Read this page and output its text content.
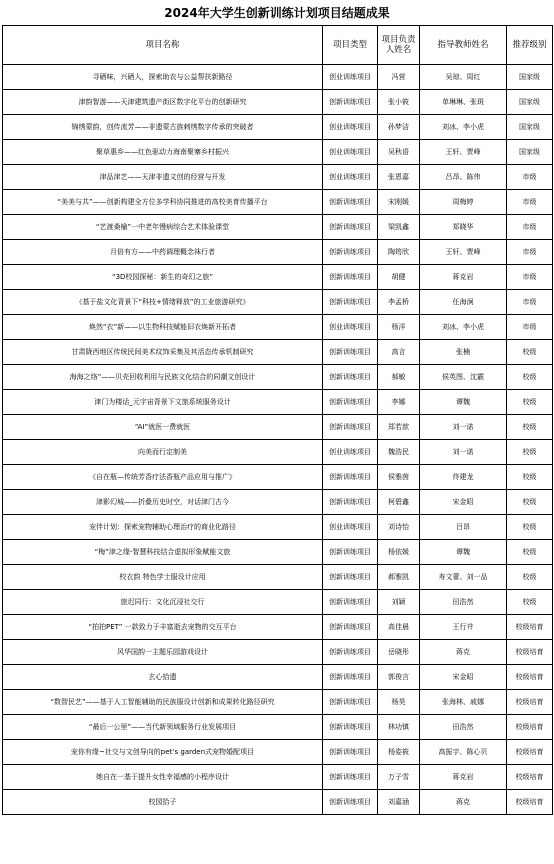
2024年大学生创新训练计划项目结题成果
项目名称	项目类型	项目负责人姓名	指导教师姓名	推荐级别
寻硒味，兴硒人，探索助农与公益帮扶新路径	创业训练项目	冯营	吴琼、周红	国家级
津韵智游——天津建筑遗产街区数字化平台的创新研究	创新训练项目	张小筱	单琳琳、张斑	国家级
锦绣蒙韵，创传流芳——非遗蒙古族刺绣数字传承的突破者	创业训练项目	孙梦洁	刘冰、李小虎	国家级
聚草惠乡——红色驱动力海南聚寨乡村振兴	创业训练项目	吴秋语	王轩、贾峰	国家级
津品津艺——天津非遗文创的经营与开发	创业训练项目	张恩嘉	吕昂、陈伟	市级
“美美与共”——创新构建全方位多学科协同推进的高校美育传播平台	创新训练项目	宋刚媛	周梅婷	市级
“艺渡桑榆”一中老年慢病综合艺术体验课堂	创新训练项目	梁凯鑫	郑晓华	市级
月倍有方——中药调理概念袜行者	创新训练项目	陶筠欣	王轩、贾峰	市级
“3D校园探秘：新生的奇幻之旅”	创新训练项目	胡健	蒋克岩	市级
《基于盐文化背景下“科技+情绪释放”的工业旅游研究》	创新训练项目	李孟桥	任海涧	市级
焕然“衣”新——以生物科技赋能旧衣焕新开拓者	创业训练项目	杨洋	刘冰、李小虎	市级
甘肃陇西地区传统民间美术纹饰采集及其活态传承机制研究	创新训练项目	高言	张楠	校级
海海之络”——贝壳回收利用与民族文化结合的同潮文创设计	创新训练项目	郝敏	侯英图、沈霰	校级
津门为楼话_元宇宙背景下文旅系统服务设计	创新训练项目	李娜	谭魏	校级
“AI”就医一费就医	创新训练项目	郑若歆	刘一诺	校级
向美而行定制美	创业训练项目	魏浩民	刘一诺	校级
《自在瓶—传统芳香疗法香瓶产品应用与推广》	创新训练项目	侯雅茵	佟建龙	校级
津影幻城——折叠历史时空，对话津门古今	创新训练项目	柯碧鑫	宋金昭	校级
宠伴计划：探索宠物辅助心理治疗的商业化路径	创业训练项目	刘诗怡	吕昂	校级
“梅”津之缘-智慧科技结合虚拟形象赋能文旅	创新训练项目	杨依媛	谭魏	校级
校衣韵 特色学士服设计应用	创新训练项目	郝雅凯	寿文蕾、刘一品	校级
旅迟同行：文化沉浸社交行	创新训练项目	刘颖	田浩然	校级
“拍拍PET” 一款致力于丰富逝去宠物的交互平台	创新训练项目	高佳晨	王行井	校级培育
风华国韵一主题乐园游戏设计	创新训练项目	岳晓彤	蒋克	校级培育
玄心拾遗	创新训练项目	郭俊言	宋金昭	校级培育
“数智民艺”——基于人工智能辅助的民族服设计创新和成果转化路径研究	创新训练项目	杨昊	张海林、戚娜	校级培育
“最后一公里”——当代新领域服务行业发展项目	创新训练项目	林功镇	田浩然	校级培育
宠你有缘~社交与文创导向的pet’s garden式宠物婚配项目	创新训练项目	杨姿筱	高振宇、陈心贝	校级培育
她自在一基于提升女性幸福感的小程序设计	创新训练项目	万子雪	蒋克岩	校级培育
校园拾子	创新训练项目	刘嘉涵	蒋克	校级培育
